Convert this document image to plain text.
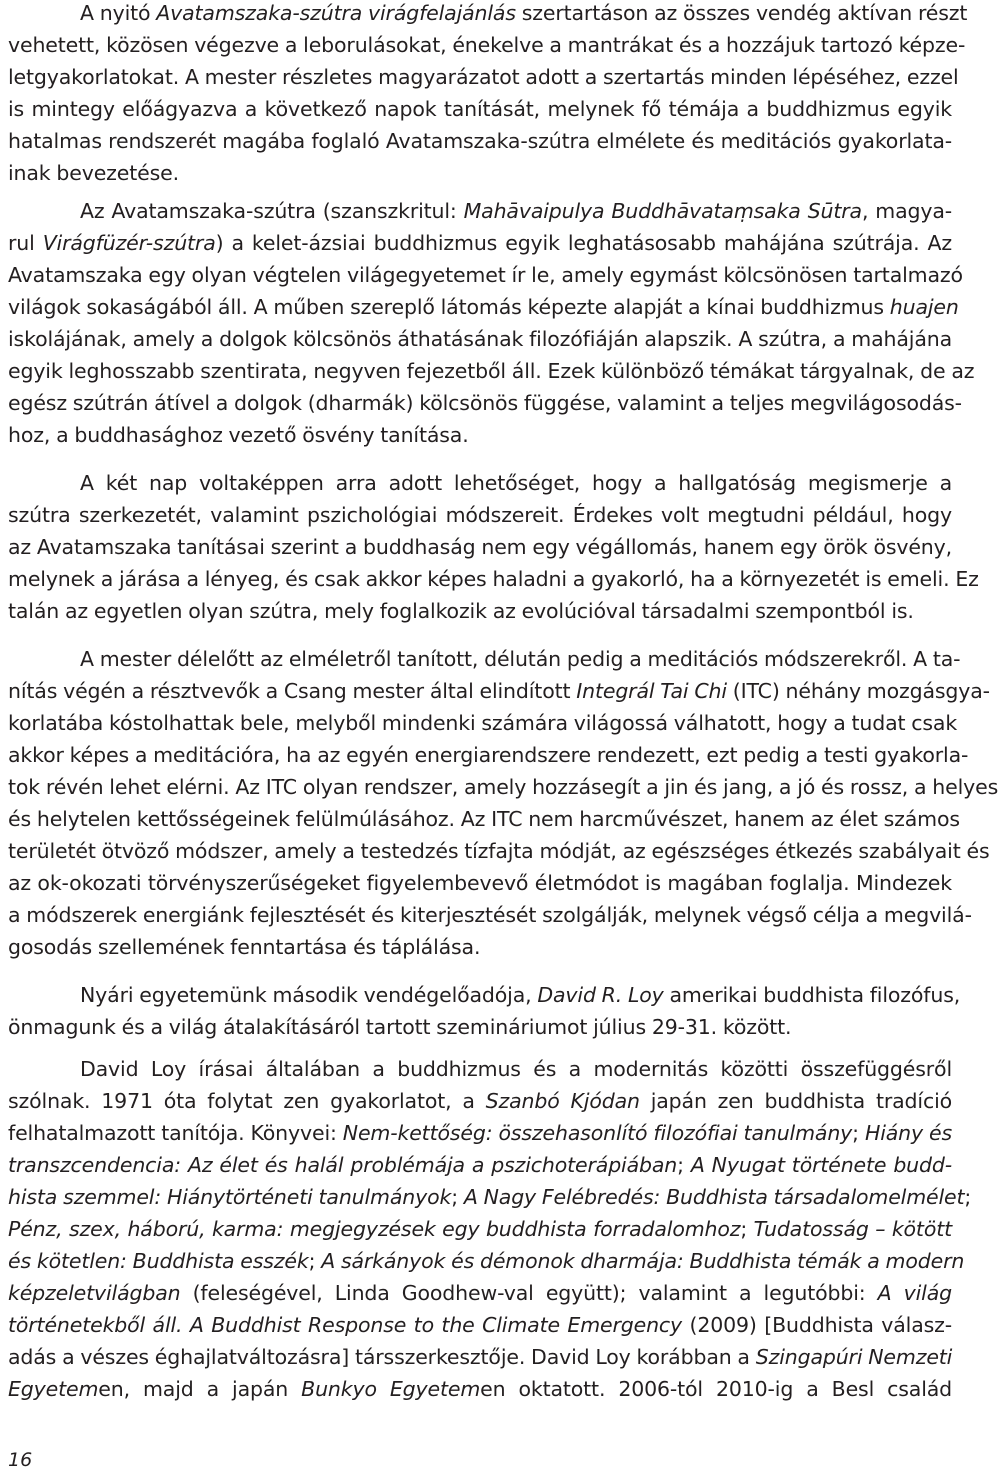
A nyitó Avatamszaka-szútra virágfelajánlás szertartáson az összes vendég aktívan részt
vehetett, közösen végezve a leborulásokat, énekelve a mantrákat és a hozzájuk tartozó képze-
letgyakorlatokat. A mester részletes magyarázatot adott a szertartás minden lépéséhez, ezzel
is mintegy előágyazva a következő napok tanítását, melynek fő témája a buddhizmus egyik
hatalmas rendszerét magába foglaló Avatamszaka-szútra elmélete és meditációs gyakorlata-
inak bevezetése.
Az Avatamszaka-szútra (szanszkritul: Mahāvaipulya Buddhāvataṃsaka Sūtra, magya-
rul Virágfüzér-szútra) a kelet-ázsiai buddhizmus egyik leghatásosabb mahájána szútrája. Az
Avatamszaka egy olyan végtelen világegyetemet ír le, amely egymást kölcsönösen tartalmazó
világok sokaságából áll. A műben szereplő látomás képezte alapját a kínai buddhizmus huajen
iskolájának, amely a dolgok kölcsönös áthatásának filozófiáján alapszik. A szútra, a mahájána
egyik leghosszabb szentirata, negyven fejezetből áll. Ezek különböző témákat tárgyalnak, de az
egész szútrán átível a dolgok (dharmák) kölcsönös függése, valamint a teljes megvilágosodás-
hoz, a buddhasághoz vezető ösvény tanítása.
A két nap voltaképpen arra adott lehetőséget, hogy a hallgatóság megismerje a
szútra szerkezetét, valamint pszichológiai módszereit. Érdekes volt megtudni például, hogy
az Avatamszaka tanításai szerint a buddhaság nem egy végállomás, hanem egy örök ösvény,
melynek a járása a lényeg, és csak akkor képes haladni a gyakorló, ha a környezetét is emeli. Ez
talán az egyetlen olyan szútra, mely foglalkozik az evolúcióval társadalmi szempontból is.
A mester délelőtt az elméletről tanított, délután pedig a meditációs módszerekről. A ta-
nítás végén a résztvevők a Csang mester által elindított Integrál Tai Chi (ITC) néhány mozgásgya-
korlatába kóstolhattak bele, melyből mindenki számára világossá válhatott, hogy a tudat csak
akkor képes a meditációra, ha az egyén energiarendszere rendezett, ezt pedig a testi gyakorla-
tok révén lehet elérni. Az ITC olyan rendszer, amely hozzásegít a jin és jang, a jó és rossz, a helyes
és helytelen kettősségeinek felülmúlásához. Az ITC nem harcművészet, hanem az élet számos
területét ötvöző módszer, amely a testedzés tízfajta módját, az egészséges étkezés szabályait és
az ok-okozati törvényszerűségeket figyelembevevő életmódot is magában foglalja. Mindezek
a módszerek energiánk fejlesztését és kiterjesztését szolgálják, melynek végső célja a megvilá-
gosodás szellemének fenntartása és táplálása.
Nyári egyetemünk második vendégelőadója, David R. Loy amerikai buddhista filozófus,
önmagunk és a világ átalakításáról tartott szemináriumot július 29-31. között.
David Loy írásai általában a buddhizmus és a modernitás közötti összefüggésről
szólnak. 1971 óta folytat zen gyakorlatot, a Szanbó Kjódan japán zen buddhista tradíció
felhatalmazott tanítója. Könyvei: Nem-kettőség: összehasonlító filozófiai tanulmány; Hiány és
transzcendencia: Az élet és halál problémája a pszichoterápiában; A Nyugat története budd-
hista szemmel: Hiánytörténeti tanulmányok; A Nagy Felébredés: Buddhista társadalomelmélet;
Pénz, szex, háború, karma: megjegyzések egy buddhista forradalomhoz; Tudatosság – kötött
és kötetlen: Buddhista esszék; A sárkányok és démonok dharmája: Buddhista témák a modern
képzeletvilágban (feleségével, Linda Goodhew-val együtt); valamint a legutóbbi: A világ
történetekből áll. A Buddhist Response to the Climate Emergency (2009) [Buddhista válasz-
adás a vészes éghajlatváltozásra] társszerkesztője. David Loy korábban a Szingapúri Nemzeti
Egyetemen, majd a japán Bunkyo Egyetemen oktatott. 2006-tól 2010-ig a Besl család
16
